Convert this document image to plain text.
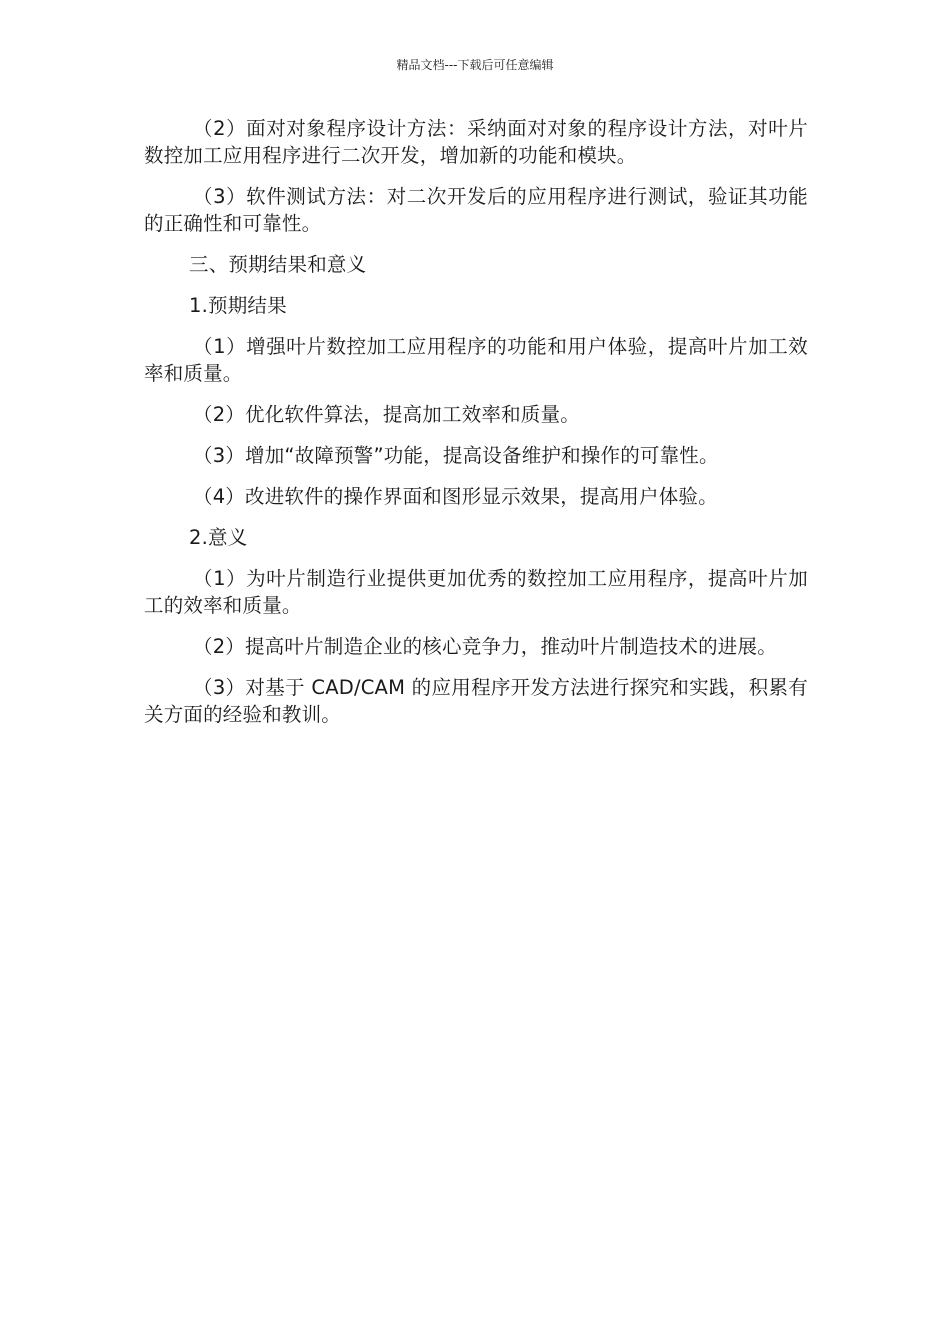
精品文档---下载后可任意编辑

（2）面对对象程序设计方法：采纳面对对象的程序设计方法，对叶片数控加工应用程序进行二次开发，增加新的功能和模块。

（3）软件测试方法：对二次开发后的应用程序进行测试，验证其功能的正确性和可靠性。

三、预期结果和意义

1.预期结果

（1）增强叶片数控加工应用程序的功能和用户体验，提高叶片加工效率和质量。

（2）优化软件算法，提高加工效率和质量。

（3）增加“故障预警”功能，提高设备维护和操作的可靠性。

（4）改进软件的操作界面和图形显示效果，提高用户体验。

2.意义

（1）为叶片制造行业提供更加优秀的数控加工应用程序，提高叶片加工的效率和质量。

（2）提高叶片制造企业的核心竞争力，推动叶片制造技术的进展。

（3）对基于 CAD/CAM 的应用程序开发方法进行探究和实践，积累有关方面的经验和教训。
